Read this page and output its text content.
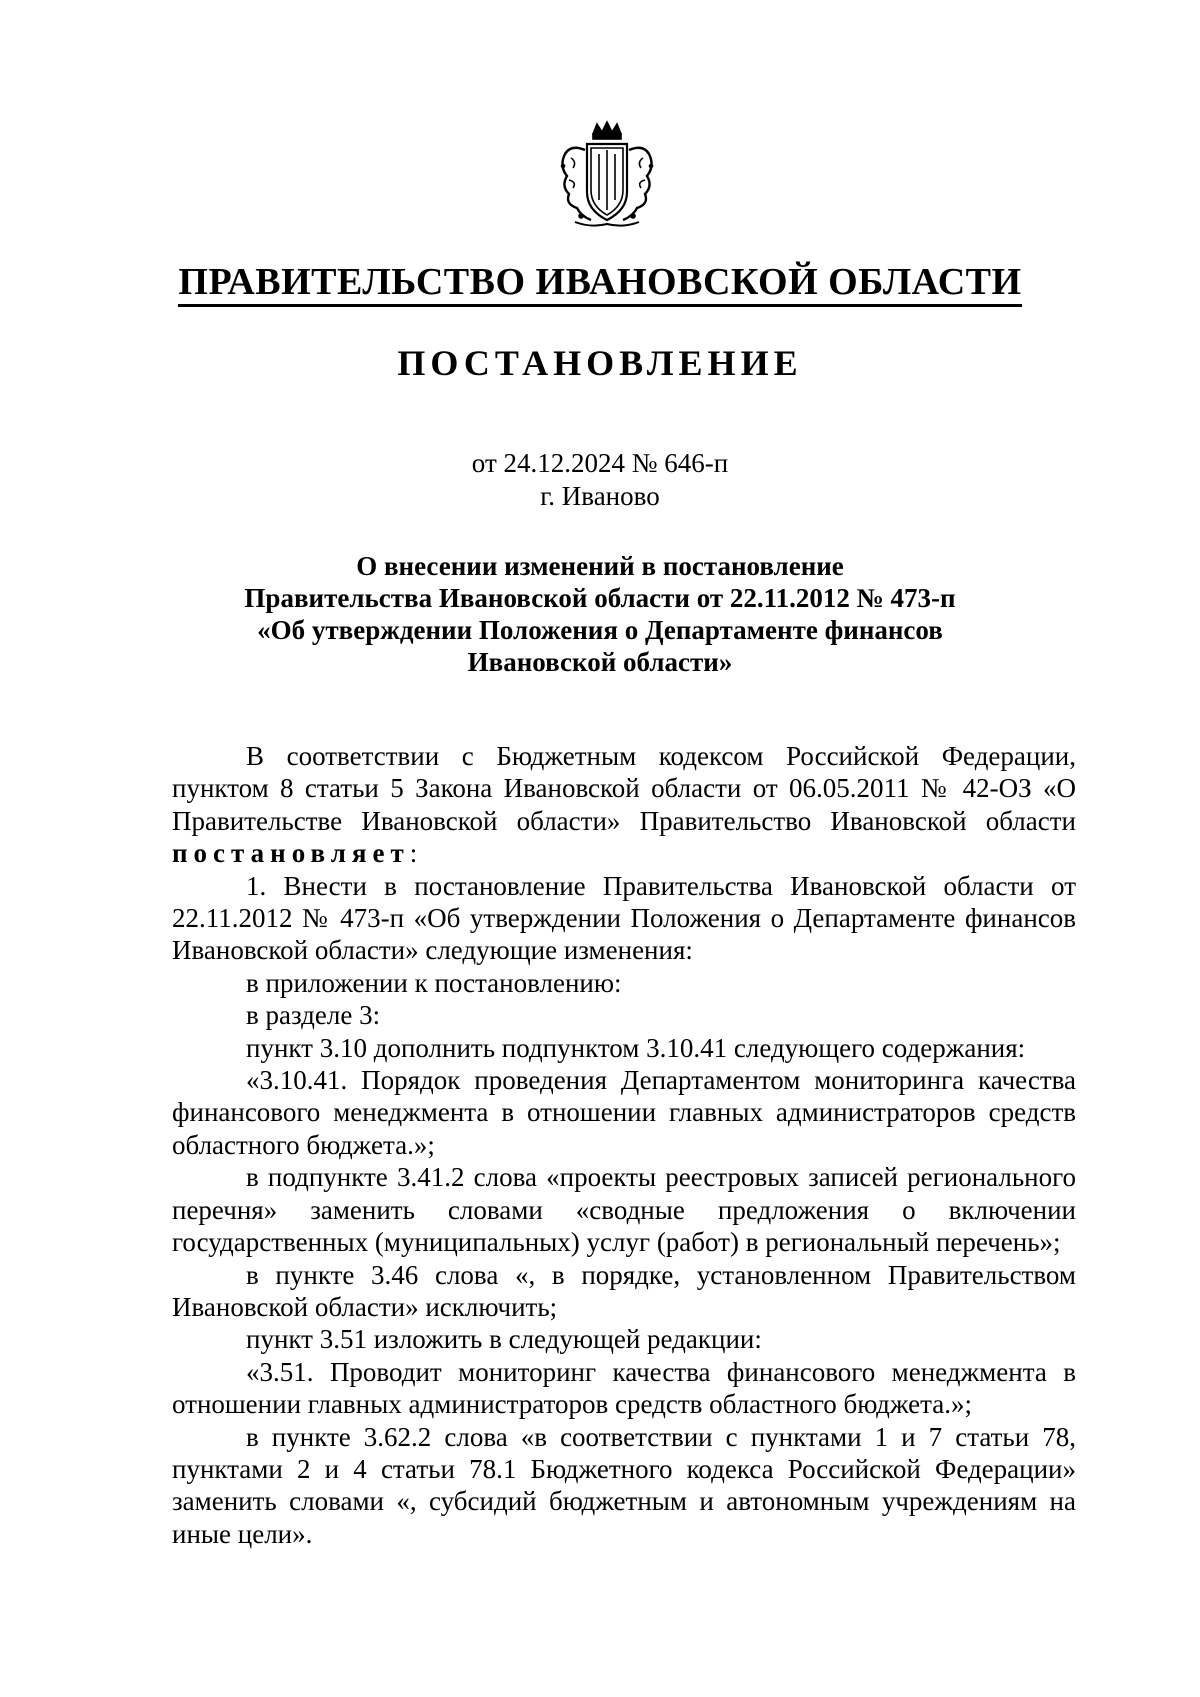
ПРАВИТЕЛЬСТВО ИВАНОВСКОЙ ОБЛАСТИ
ПОСТАНОВЛЕНИЕ
от 24.12.2024 № 646-п
г. Иваново
О внесении изменений в постановление
Правительства Ивановской области от 22.11.2012 № 473-п
«Об утверждении Положения о Департаменте финансов
Ивановской области»

В соответствии с Бюджетным кодексом Российской Федерации, пунктом 8 статьи 5 Закона Ивановской области от 06.05.2011 № 42-ОЗ «О Правительстве Ивановской области» Правительство Ивановской области постановляет:

1. Внести в постановление Правительства Ивановской области от 22.11.2012 № 473-п «Об утверждении Положения о Департаменте финансов Ивановской области» следующие изменения:

в приложении к постановлению:

в разделе 3:

пункт 3.10 дополнить подпунктом 3.10.41 следующего содержания:

«3.10.41. Порядок проведения Департаментом мониторинга качества финансового менеджмента в отношении главных администраторов средств областного бюджета.»;

в подпункте 3.41.2 слова «проекты реестровых записей регионального перечня» заменить словами «сводные предложения о включении государственных (муниципальных) услуг (работ) в региональный перечень»;

в пункте 3.46 слова «, в порядке, установленном Правительством Ивановской области» исключить;

пункт 3.51 изложить в следующей редакции:

«3.51. Проводит мониторинг качества финансового менеджмента в отношении главных администраторов средств областного бюджета.»;

в пункте 3.62.2 слова «в соответствии с пунктами 1 и 7 статьи 78, пунктами 2 и 4 статьи 78.1 Бюджетного кодекса Российской Федерации» заменить словами «, субсидий бюджетным и автономным учреждениям на иные цели».
